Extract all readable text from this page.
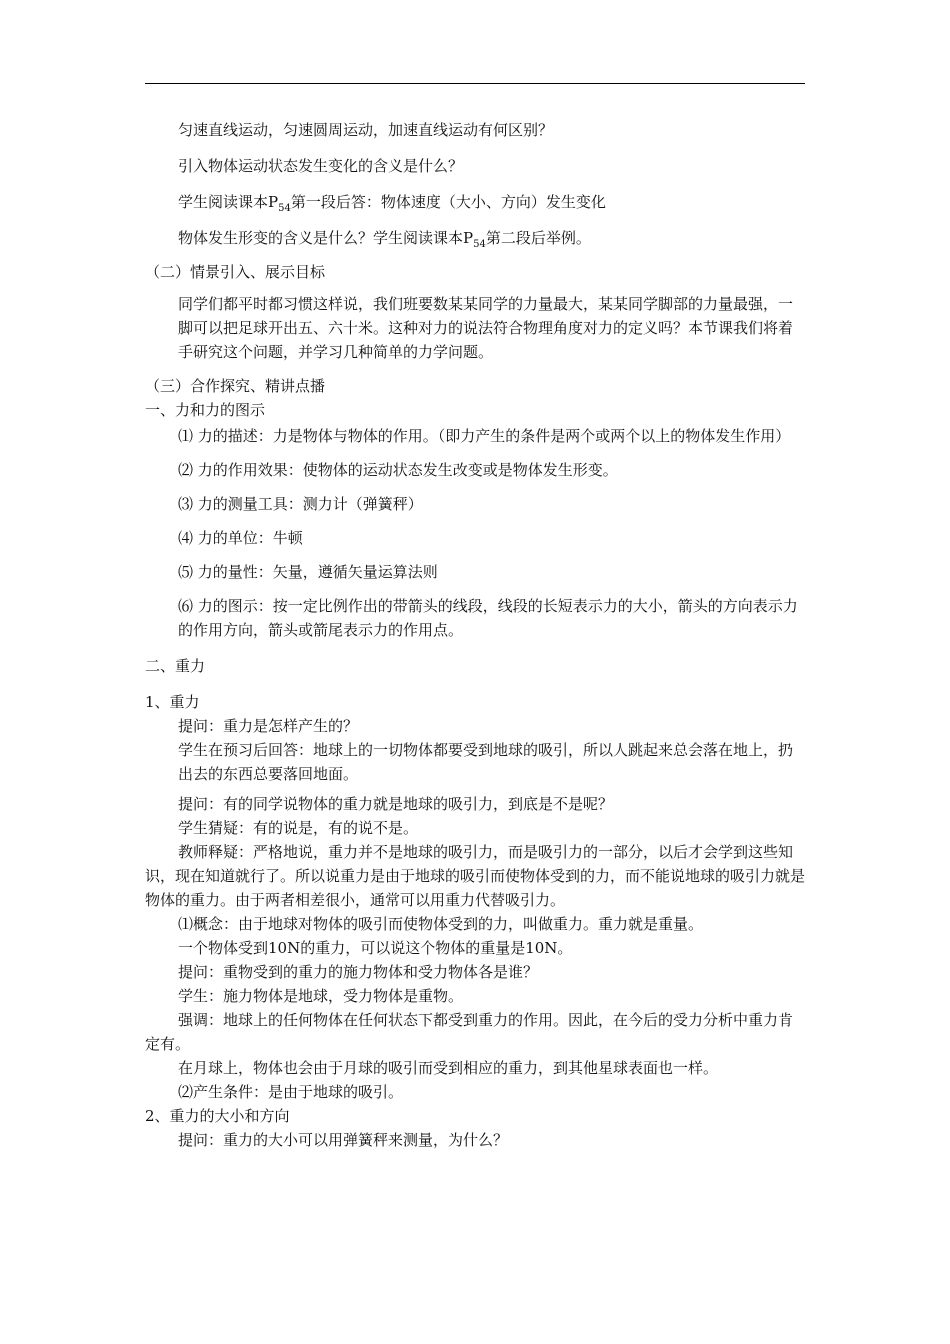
匀速直线运动，匀速圆周运动，加速直线运动有何区别？

引入物体运动状态发生变化的含义是什么？

学生阅读课本$P_{54}$第一段后答：物体速度（大小、方向）发生变化

物体发生形变的含义是什么？学生阅读课本$P_{54}$第二段后举例。

（二）情景引入、展示目标

同学们都平时都习惯这样说，我们班要数某某同学的力量最大，某某同学脚部的力量最强，一脚可以把足球开出五、六十米。这种对力的说法符合物理角度对力的定义吗？本节课我们将着手研究这个问题，并学习几种简单的力学问题。

（三）合作探究、精讲点播

一、力和力的图示

⑴ 力的描述：力是物体与物体的作用。（即力产生的条件是两个或两个以上的物体发生作用）

⑵ 力的作用效果：使物体的运动状态发生改变或是物体发生形变。

⑶ 力的测量工具：测力计（弹簧秤）

⑷ 力的单位：牛顿

⑸ 力的量性：矢量，遵循矢量运算法则

⑹ 力的图示：按一定比例作出的带箭头的线段，线段的长短表示力的大小，箭头的方向表示力的作用方向，箭头或箭尾表示力的作用点。

二、重力

1、重力

提问：重力是怎样产生的？

学生在预习后回答：地球上的一切物体都要受到地球的吸引，所以人跳起来总会落在地上，扔出去的东西总要落回地面。

提问：有的同学说物体的重力就是地球的吸引力，到底是不是呢？

学生猜疑：有的说是，有的说不是。

教师释疑：严格地说，重力并不是地球的吸引力，而是吸引力的一部分，以后才会学到这些知识，现在知道就行了。所以说重力是由于地球的吸引而使物体受到的力，而不能说地球的吸引力就是物体的重力。由于两者相差很小，通常可以用重力代替吸引力。

⑴概念：由于地球对物体的吸引而使物体受到的力，叫做重力。重力就是重量。

一个物体受到10N的重力，可以说这个物体的重量是10N。

提问：重物受到的重力的施力物体和受力物体各是谁？

学生：施力物体是地球，受力物体是重物。

强调：地球上的任何物体在任何状态下都受到重力的作用。因此，在今后的受力分析中重力肯定有。

在月球上，物体也会由于月球的吸引而受到相应的重力，到其他星球表面也一样。

⑵产生条件：是由于地球的吸引。

2、重力的大小和方向

提问：重力的大小可以用弹簧秤来测量，为什么？
